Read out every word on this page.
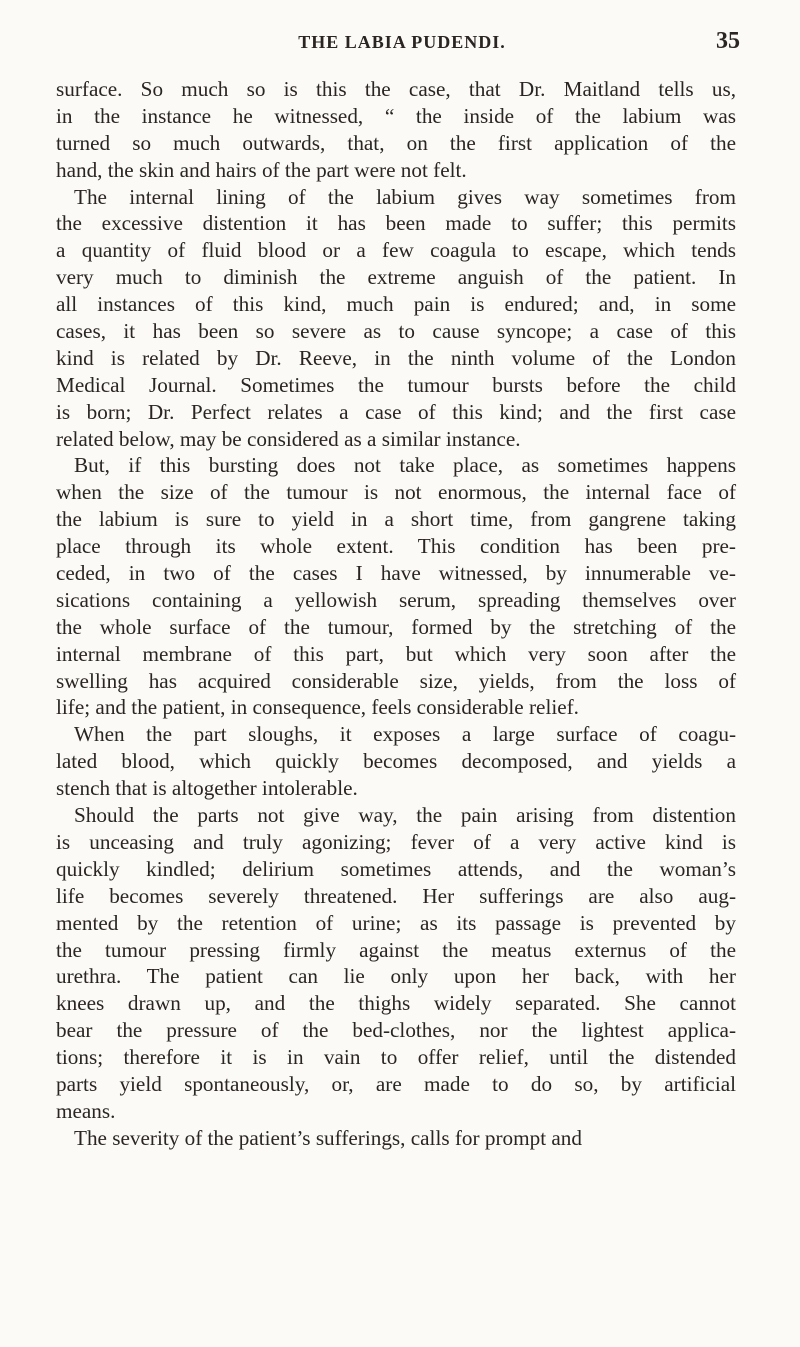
THE LABIA PUDENDI.	35
surface. So much so is this the case, that Dr. Maitland tells us,
in the instance he witnessed, “ the inside of the labium was
turned so much outwards, that, on the first application of the
hand, the skin and hairs of the part were not felt.
The internal lining of the labium gives way sometimes from
the excessive distention it has been made to suffer; this permits
a quantity of fluid blood or a few coagula to escape, which tends
very much to diminish the extreme anguish of the patient. In
all instances of this kind, much pain is endured; and, in some
cases, it has been so severe as to cause syncope; a case of this
kind is related by Dr. Reeve, in the ninth volume of the London
Medical Journal. Sometimes the tumour bursts before the child
is born; Dr. Perfect relates a case of this kind; and the first case
related below, may be considered as a similar instance.
But, if this bursting does not take place, as sometimes happens
when the size of the tumour is not enormous, the internal face of
the labium is sure to yield in a short time, from gangrene taking
place through its whole extent. This condition has been pre-
ceded, in two of the cases I have witnessed, by innumerable ve-
sications containing a yellowish serum, spreading themselves over
the whole surface of the tumour, formed by the stretching of the
internal membrane of this part, but which very soon after the
swelling has acquired considerable size, yields, from the loss of
life; and the patient, in consequence, feels considerable relief.
When the part sloughs, it exposes a large surface of coagu-
lated blood, which quickly becomes decomposed, and yields a
stench that is altogether intolerable.
Should the parts not give way, the pain arising from distention
is unceasing and truly agonizing; fever of a very active kind is
quickly kindled; delirium sometimes attends, and the woman’s
life becomes severely threatened. Her sufferings are also aug-
mented by the retention of urine; as its passage is prevented by
the tumour pressing firmly against the meatus externus of the
urethra. The patient can lie only upon her back, with her
knees drawn up, and the thighs widely separated. She cannot
bear the pressure of the bed-clothes, nor the lightest applica-
tions; therefore it is in vain to offer relief, until the distended
parts yield spontaneously, or, are made to do so, by artificial
means.
The severity of the patient’s sufferings, calls for prompt and
